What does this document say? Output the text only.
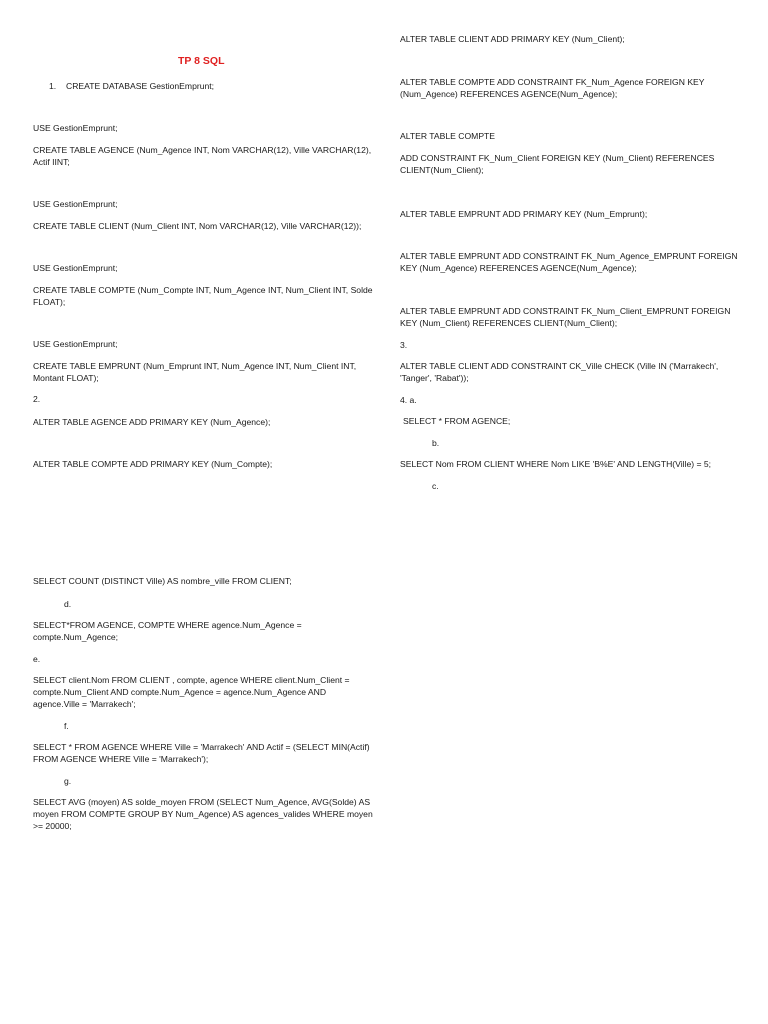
TP 8 SQL

1. CREATE DATABASE GestionEmprunt;

USE GestionEmprunt;

CREATE TABLE AGENCE (Num_Agence INT, Nom VARCHAR(12), Ville VARCHAR(12), Actif IINT;

USE GestionEmprunt;

CREATE TABLE CLIENT (Num_Client INT, Nom VARCHAR(12), Ville VARCHAR(12));

USE GestionEmprunt;

CREATE TABLE COMPTE (Num_Compte INT, Num_Agence INT, Num_Client INT, Solde FLOAT);

USE GestionEmprunt;

CREATE TABLE EMPRUNT (Num_Emprunt INT, Num_Agence INT, Num_Client INT, Montant FLOAT);

2.

ALTER TABLE AGENCE ADD PRIMARY KEY (Num_Agence);

ALTER TABLE COMPTE ADD PRIMARY KEY (Num_Compte);

SELECT COUNT (DISTINCT Ville) AS nombre_ville FROM CLIENT;

d.

SELECT*FROM AGENCE, COMPTE WHERE agence.Num_Agence = compte.Num_Agence;

e.

SELECT client.Nom FROM CLIENT , compte, agence WHERE client.Num_Client = compte.Num_Client AND compte.Num_Agence = agence.Num_Agence AND agence.Ville = 'Marrakech';

f.

SELECT * FROM AGENCE WHERE Ville = 'Marrakech' AND Actif = (SELECT MIN(Actif) FROM AGENCE WHERE Ville = 'Marrakech');

g.

SELECT AVG (moyen) AS solde_moyen FROM (SELECT Num_Agence, AVG(Solde) AS moyen FROM COMPTE GROUP BY Num_Agence) AS agences_valides WHERE moyen >= 20000;

ALTER TABLE CLIENT ADD PRIMARY KEY (Num_Client);

ALTER TABLE COMPTE ADD CONSTRAINT FK_Num_Agence FOREIGN KEY (Num_Agence) REFERENCES AGENCE(Num_Agence);

ALTER TABLE COMPTE

ADD CONSTRAINT FK_Num_Client FOREIGN KEY (Num_Client) REFERENCES CLIENT(Num_Client);

ALTER TABLE EMPRUNT ADD PRIMARY KEY (Num_Emprunt);

ALTER TABLE EMPRUNT ADD CONSTRAINT FK_Num_Agence_EMPRUNT FOREIGN KEY (Num_Agence) REFERENCES AGENCE(Num_Agence);

ALTER TABLE EMPRUNT ADD CONSTRAINT FK_Num_Client_EMPRUNT FOREIGN KEY (Num_Client) REFERENCES CLIENT(Num_Client);

3.

ALTER TABLE CLIENT ADD CONSTRAINT CK_Ville CHECK (Ville IN ('Marrakech', 'Tanger', 'Rabat'));

4. a.

SELECT * FROM AGENCE;

b.

SELECT Nom FROM CLIENT WHERE Nom LIKE 'B%E' AND LENGTH(Ville) = 5;

c.
